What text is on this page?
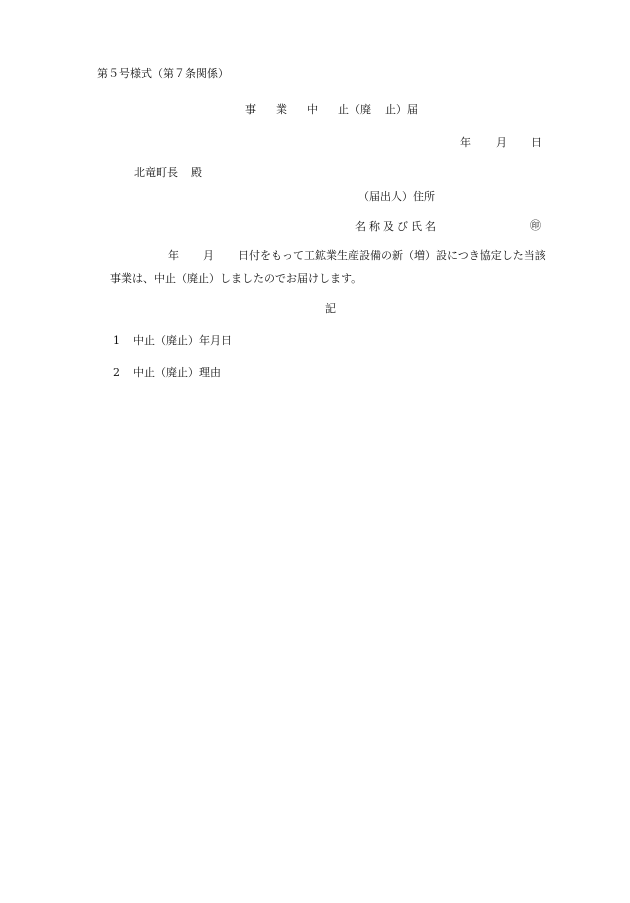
第５号様式（第７条関係）

事 業 中 止（廃 止）届
年 月 日
北竜町長 殿
（届出人）住所
名称及び氏名	㊞
年 月 日付をもって工鉱業生産設備の新（増）設につき協定した当該
事業は、中止（廃止）しましたのでお届けします。

記

1 中止（廃止）年月日
2 中止（廃止）理由
